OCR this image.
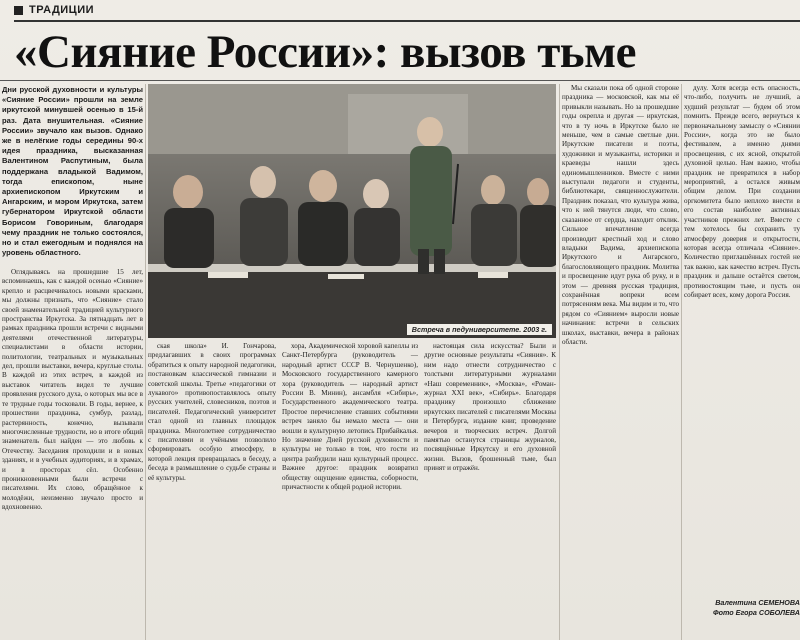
ТРАДИЦИИ
«Сияние России»: вызов тьме
Дни русской духовности и культуры «Сияние России» прошли на земле иркутской минувшей осенью в 15-й раз. Дата внушительная. «Сияние России» звучало как вызов. Однако же в нелёгкие годы середины 90-х идея праздника, высказанная Валентином Распутиным, была поддержана владыкой Вадимом, тогда епископом, ныне архиепископом Иркутским и Ангарским, и мэром Иркутска, затем губернатором Иркутской области Борисом Говориным, благодаря чему праздник не только состоялся, но и стал ежегодным и поднялся на уровень областного.
Встреча в педуниверситете. 2003 г.

Оглядываясь на прошедшие 15 лет, вспоминаешь, как с каждой осенью «Сияние» крепло и расцвечивалось новыми красками, мы должны признать, что «Сияние» стало своей знаменательной традицией культурного пространства Иркутска. За пятнадцать лет в рамках праздника прошли встречи с видными деятелями отечественной литературы, специалистами в области истории, политологии, театральных и музыкальных дел, прошли выставки, вечера, круглые столы. В каждой из этих встреч, в каждой из выставок читатель видел те лучшие проявления русского духа, о которых мы все в те трудные годы тосковали. В годы, вернее, к прошествии праздника, сумбур, разлад, растерянность, конечно, вызывали многочисленные трудности, но в итоге общий знаменатель был найден — это любовь к Отечеству. Заседания проходили и в новых зданиях, и в учебных аудиториях, и в храмах, и в просторах сёл. Особенно проникновенными были встречи с писателями. Их слово, обращённое к молодёжи, неизменно звучало просто и вдохновенно.

ская школа» И. Гончарова, предлагавших в своих программах обратиться к опыту народной педагогики, постановкам классической гимназии и советской школы. Третье «педагогики от лукавого» противопоставлялось опыту русских учителей, словесников, поэтов и писателей. Педагогический университет стал одной из главных площадок праздника. Многолетнее сотрудничество с писателями и учёными позволило сформировать особую атмосферу, в которой лекция превращалась в беседу, а беседа в размышление о судьбе страны и её культуры.

хора, Академической хоровой капеллы из Санкт-Петербурга (руководитель — народный артист СССР В. Чернушенко), Московского государственного камерного хора (руководитель — народный артист России В. Минин), ансамбля «Сибирь», Государственного академического театра. Простое перечисление ставших событиями встреч заняло бы немало места — они вошли в культурную летопись Прибайкалья. Но значение Дней русской духовности и культуры не только в том, что гости из центра разбудили наш культурный процесс. Важнее другое: праздник возвратил обществу ощущение единства, соборности, причастности к общей родной истории.

настоящая сила искусства? Были и другие основные результаты «Сияния». К ним надо отнести сотрудничество с толстыми литературными журналами «Наш современник», «Москва», «Роман-журнал XXI век», «Сибирь». Благодаря празднику произошло сближение иркутских писателей с писателями Москвы и Петербурга, издание книг, проведение вечеров и творческих встреч. Долгой памятью останутся страницы журналов, посвящённые Иркутску и его духовной жизни. Вызов, брошенный тьме, был принят и отражён.

Мы сказали пока об одной стороне праздника — московской, как мы её привыкли называть. Но за прошедшие годы окрепла и другая — иркутская, что в ту ночь в Иркутске было не меньше, чем в самые светлые дни. Иркутские писатели и поэты, художники и музыканты, историки и краеведы нашли здесь единомышленников. Вместе с ними выступали педагоги и студенты, библиотекари, священнослужители. Праздник показал, что культура жива, что к ней тянутся люди, что слово, сказанное от сердца, находит отклик. Сильное впечатление всегда производит крестный ход и слово владыки Вадима, архиепископа Иркутского и Ангарского, благословляющего праздник. Молитва и просвещение идут рука об руку, и в этом — древняя русская традиция, сохранённая вопреки всем потрясениям века. Мы видим и то, что рядом со «Сиянием» выросли новые начинания: встречи в сельских школах, выставки, вечера в районах области.

дулу. Хотя всегда есть опасность, что-либо, получить не лучший, а худший результат — будем об этом помнить. Прежде всего, вернуться к первоначальному замыслу о «Сиянии России», когда это не было фестивалем, а именно днями просвещения, с их ясной, открытой духовной целью. Нам важно, чтобы праздник не превратился в набор мероприятий, а остался живым общим делом. При создании оргкомитета было неплохо внести в его состав наиболее активных участников прежних лет. Вместе с тем хотелось бы сохранить ту атмосферу доверия и открытости, которая всегда отличала «Сияние». Количество приглашённых гостей не так важно, как качество встреч. Пусть праздник и дальше остаётся светом, противостоящим тьме, и пусть он собирает всех, кому дорога Россия.

Валентина СЕМЕНОВА
Фото Егора СОБОЛЕВА
